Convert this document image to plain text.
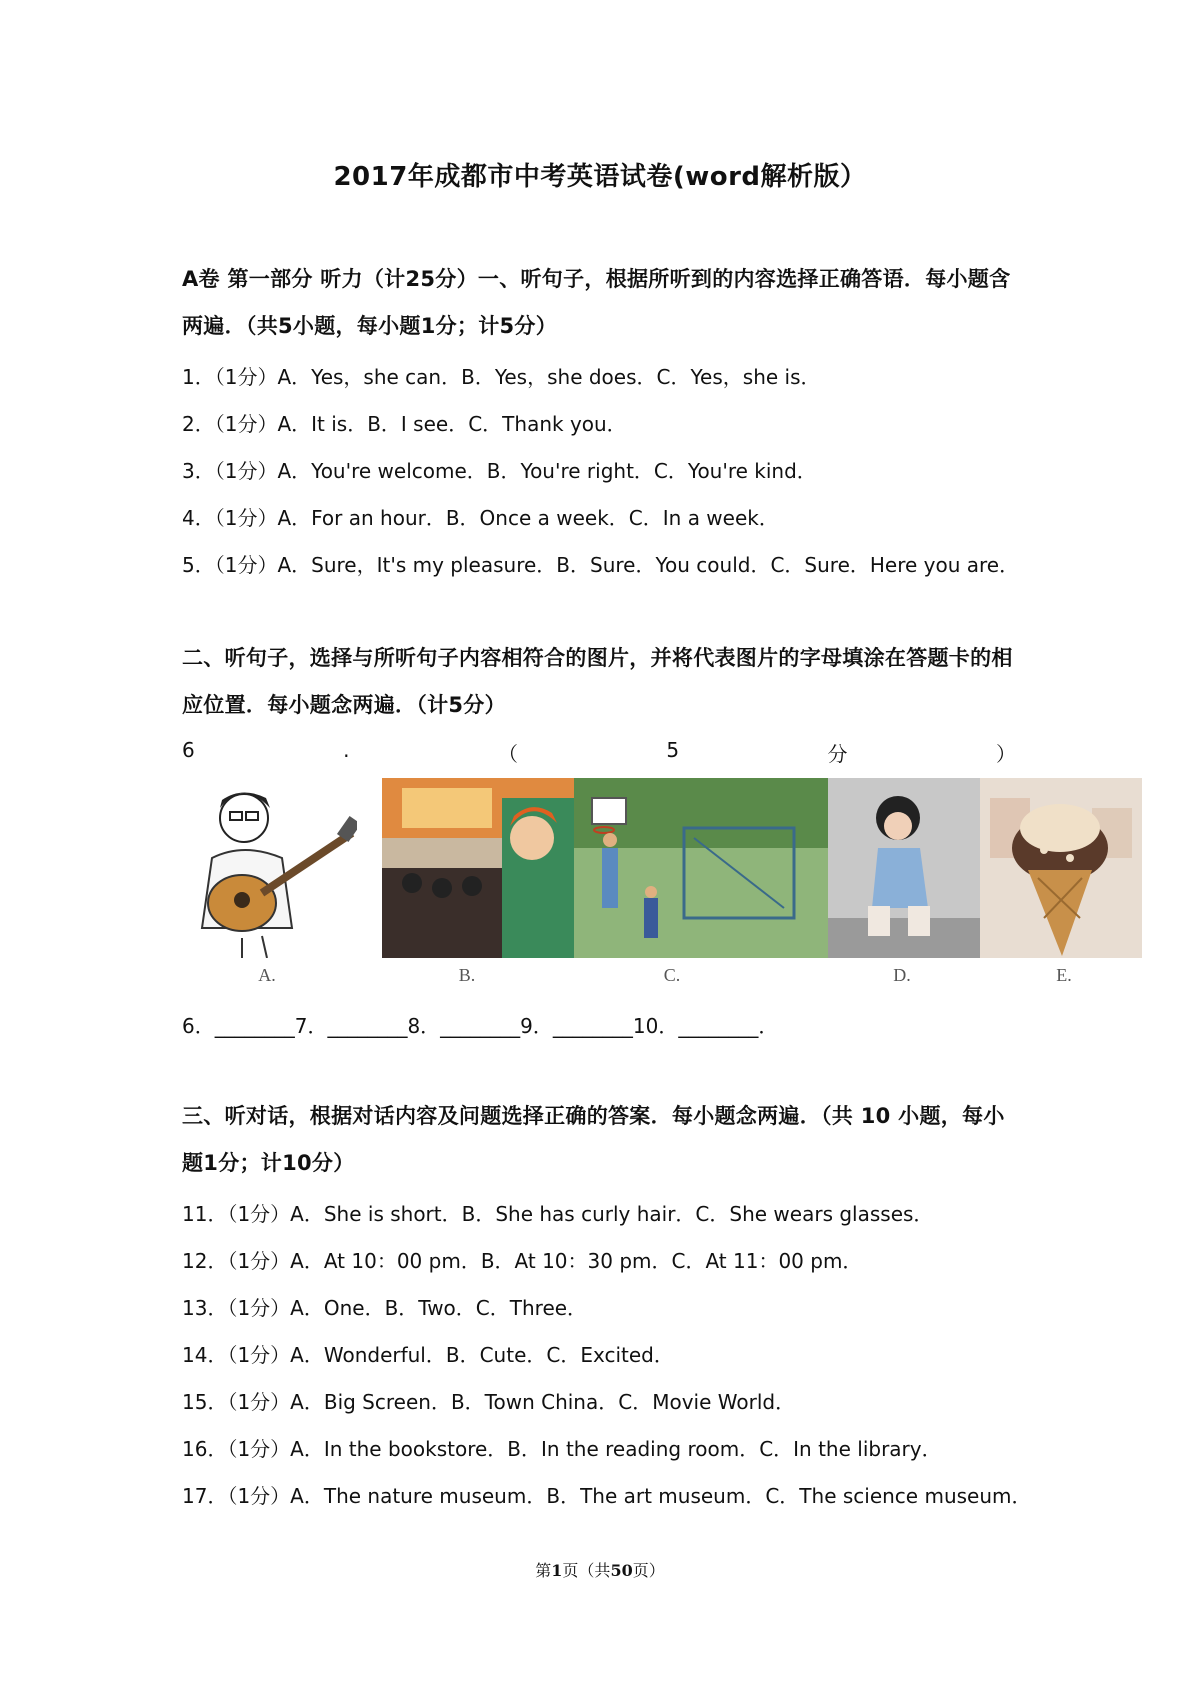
2017年成都市中考英语试卷(word解析版）
A卷 第一部分 听力（计25分）一、听句子，根据所听到的内容选择正确答语．每小题含两遍．（共5小题，每小题1分；计5分）
1．（1分）A．Yes，she can．B．Yes，she does．C．Yes，she is．
2．（1分）A．It is．B．I see．C．Thank you．
3．（1分）A．You're welcome．B．You're right．C．You're kind．
4．（1分）A．For an hour．B．Once a week．C．In a week．
5．（1分）A．Sure，It's my pleasure．B．Sure．You could．C．Sure．Here you are．
二、听句子，选择与所听句子内容相符合的图片，并将代表图片的字母填涂在答题卡的相应位置．每小题念两遍．（计5分）
6	.	（	5	分	）
A.	B.	C.	D.	E.
6．________7．________8．________9．________10．________．
三、听对话，根据对话内容及问题选择正确的答案．每小题念两遍．（共 10 小题，每小题1分；计10分）
11．（1分）A．She is short．B．She has curly hair．C．She wears glasses．
12．（1分）A．At 10：00 pm．B．At 10：30 pm．C．At 11：00 pm．
13．（1分）A．One．B．Two．C．Three．
14．（1分）A．Wonderful．B．Cute．C．Excited．
15．（1分）A．Big Screen．B．Town China．C．Movie World．
16．（1分）A．In the bookstore．B．In the reading room．C．In the library．
17．（1分）A．The nature museum．B．The art museum．C．The science museum．
第1页（共50页）
